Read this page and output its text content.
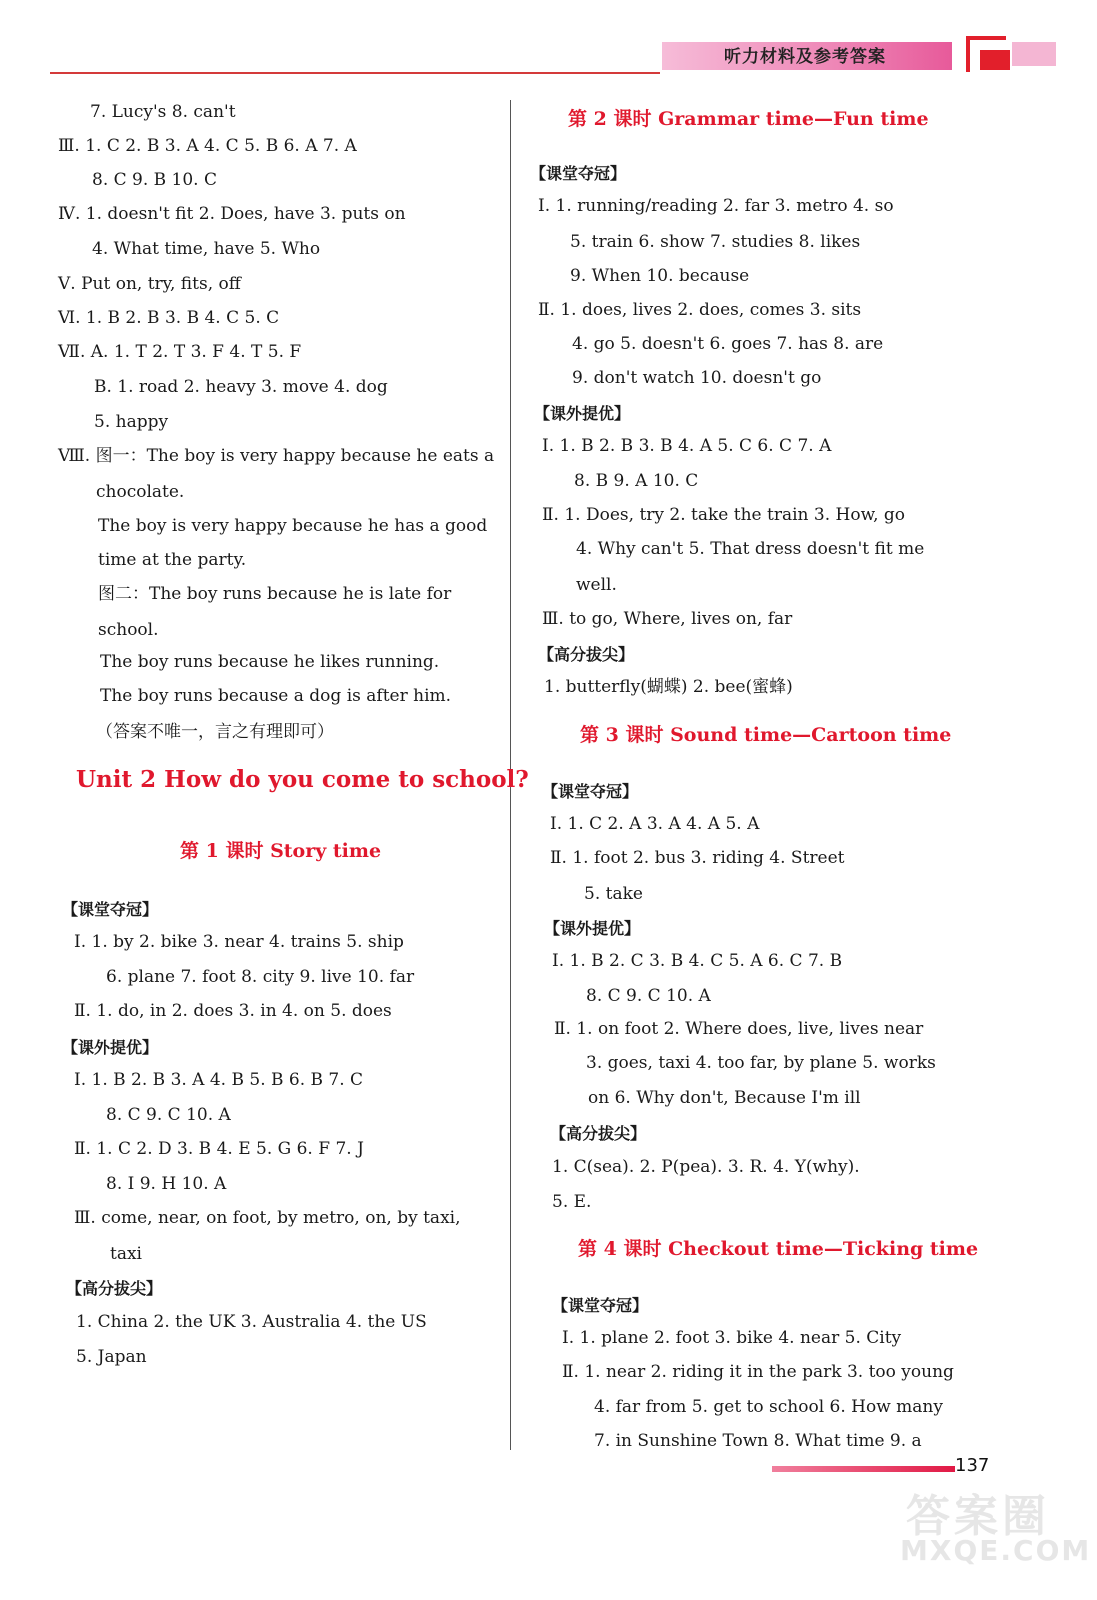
听力材料及参考答案
7. Lucy's 8. can't
Ⅲ. 1. C 2. B 3. A 4. C 5. B 6. A 7. A
8. C 9. B 10. C
Ⅳ. 1. doesn't fit 2. Does, have 3. puts on
4. What time, have 5. Who
Ⅴ. Put on, try, fits, off
Ⅵ. 1. B 2. B 3. B 4. C 5. C
Ⅶ. A. 1. T 2. T 3. F 4. T 5. F
B. 1. road 2. heavy 3. move 4. dog
5. happy
Ⅷ. 图一：The boy is very happy because he eats a
chocolate.
The boy is very happy because he has a good
time at the party.
图二：The boy runs because he is late for
school.
The boy runs because he likes running.
The boy runs because a dog is after him.
（答案不唯一，言之有理即可）
Unit 2 How do you come to school?
第 1 课时 Story time
【课堂夺冠】
Ⅰ. 1. by 2. bike 3. near 4. trains 5. ship
6. plane 7. foot 8. city 9. live 10. far
Ⅱ. 1. do, in 2. does 3. in 4. on 5. does
【课外提优】
Ⅰ. 1. B 2. B 3. A 4. B 5. B 6. B 7. C
8. C 9. C 10. A
Ⅱ. 1. C 2. D 3. B 4. E 5. G 6. F 7. J
8. I 9. H 10. A
Ⅲ. come, near, on foot, by metro, on, by taxi,
taxi
【高分拔尖】
1. China 2. the UK 3. Australia 4. the US
5. Japan
第 2 课时 Grammar time—Fun time
【课堂夺冠】
Ⅰ. 1. running/reading 2. far 3. metro 4. so
5. train 6. show 7. studies 8. likes
9. When 10. because
Ⅱ. 1. does, lives 2. does, comes 3. sits
4. go 5. doesn't 6. goes 7. has 8. are
9. don't watch 10. doesn't go
【课外提优】
Ⅰ. 1. B 2. B 3. B 4. A 5. C 6. C 7. A
8. B 9. A 10. C
Ⅱ. 1. Does, try 2. take the train 3. How, go
4. Why can't 5. That dress doesn't fit me
well.
Ⅲ. to go, Where, lives on, far
【高分拔尖】
1. butterfly(蝴蝶) 2. bee(蜜蜂)
第 3 课时 Sound time—Cartoon time
【课堂夺冠】
Ⅰ. 1. C 2. A 3. A 4. A 5. A
Ⅱ. 1. foot 2. bus 3. riding 4. Street
5. take
【课外提优】
Ⅰ. 1. B 2. C 3. B 4. C 5. A 6. C 7. B
8. C 9. C 10. A
Ⅱ. 1. on foot 2. Where does, live, lives near
3. goes, taxi 4. too far, by plane 5. works
on 6. Why don't, Because I'm ill
【高分拔尖】
1. C(sea). 2. P(pea). 3. R. 4. Y(why).
5. E.
第 4 课时 Checkout time—Ticking time
【课堂夺冠】
Ⅰ. 1. plane 2. foot 3. bike 4. near 5. City
Ⅱ. 1. near 2. riding it in the park 3. too young
4. far from 5. get to school 6. How many
7. in Sunshine Town 8. What time 9. a
137
答案圈
MXQE.COM
